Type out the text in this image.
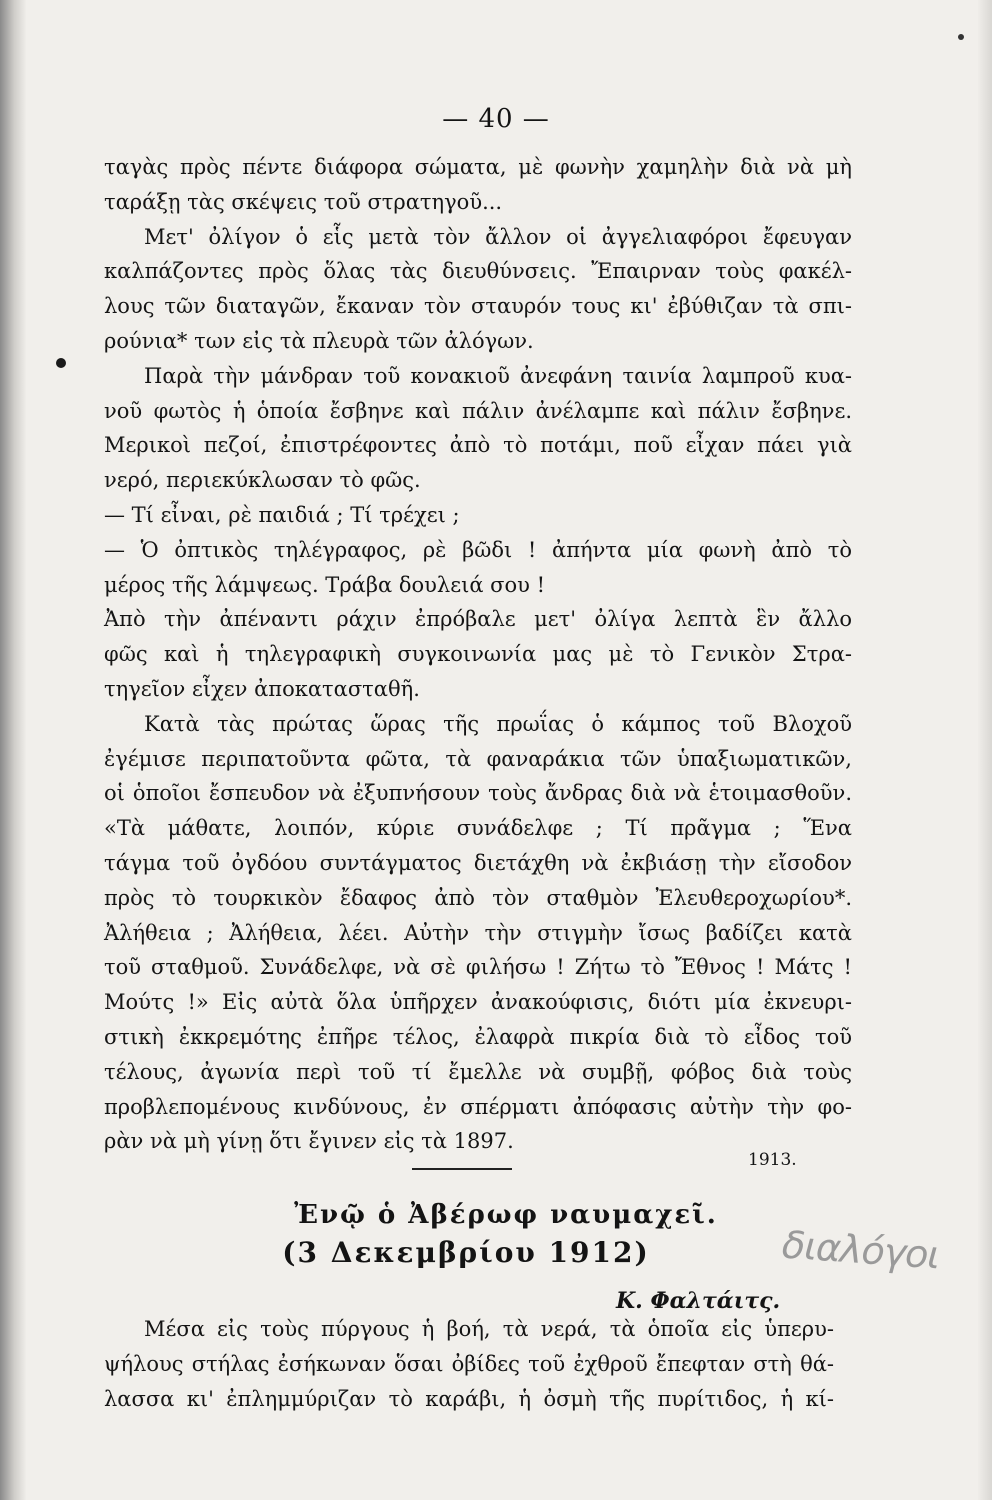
— 40 —
ταγὰς πρὸς πέντε διάφορα σώματα, μὲ φωνὴν χαμηλὴν διὰ νὰ μὴ
ταράξῃ τὰς σκέψεις τοῦ στρατηγοῦ...
Μετ' ὀλίγον ὁ εἷς μετὰ τὸν ἄλλον οἱ ἀγγελιαφόροι ἔφευγαν
καλπάζοντες πρὸς ὅλας τὰς διευθύνσεις. Ἔπαιρναν τοὺς φακέλ-
λους τῶν διαταγῶν, ἔκαναν τὸν σταυρόν τους κι' ἐβύθιζαν τὰ σπι-
ρούνια* των εἰς τὰ πλευρὰ τῶν ἀλόγων.
Παρὰ τὴν μάνδραν τοῦ κονακιοῦ ἀνεφάνη ταινία λαμπροῦ κυα-
νοῦ φωτὸς ἡ ὁποία ἔσβηνε καὶ πάλιν ἀνέλαμπε καὶ πάλιν ἔσβηνε.
Μερικοὶ πεζοί, ἐπιστρέφοντες ἀπὸ τὸ ποτάμι, ποῦ εἶχαν πάει γιὰ
νερό, περιεκύκλωσαν τὸ φῶς.
— Τί εἶναι, ρὲ παιδιά ; Τί τρέχει ;
— Ὁ ὀπτικὸς τηλέγραφος, ρὲ βῶδι ! ἀπήντα μία φωνὴ ἀπὸ τὸ
μέρος τῆς λάμψεως. Τράβα δουλειά σου !
Ἀπὸ τὴν ἀπέναντι ράχιν ἐπρόβαλε μετ' ὀλίγα λεπτὰ ἓν ἄλλο
φῶς καὶ ἡ τηλεγραφικὴ συγκοινωνία μας μὲ τὸ Γενικὸν Στρα-
τηγεῖον εἶχεν ἀποκατασταθῆ.
Κατὰ τὰς πρώτας ὥρας τῆς πρωΐας ὁ κάμπος τοῦ Βλοχοῦ
ἐγέμισε περιπατοῦντα φῶτα, τὰ φαναράκια τῶν ὑπαξιωματικῶν,
οἱ ὁποῖοι ἔσπευδον νὰ ἐξυπνήσουν τοὺς ἄνδρας διὰ νὰ ἑτοιμασθοῦν.
«Τὰ μάθατε, λοιπόν, κύριε συνάδελφε ; Τί πρᾶγμα ; Ἕνα
τάγμα τοῦ ὀγδόου συντάγματος διετάχθη νὰ ἐκβιάσῃ τὴν εἴσοδον
πρὸς τὸ τουρκικὸν ἔδαφος ἀπὸ τὸν σταθμὸν Ἐλευθεροχωρίου*.
Ἀλήθεια ; Ἀλήθεια, λέει. Αὐτὴν τὴν στιγμὴν ἴσως βαδίζει κατὰ
τοῦ σταθμοῦ. Συνάδελφε, νὰ σὲ φιλήσω ! Ζήτω τὸ Ἔθνος ! Μάτς !
Μούτς !» Εἰς αὐτὰ ὅλα ὑπῆρχεν ἀνακούφισις, διότι μία ἐκνευρι-
στικὴ ἐκκρεμότης ἐπῆρε τέλος, ἐλαφρὰ πικρία διὰ τὸ εἶδος τοῦ
τέλους, ἀγωνία περὶ τοῦ τί ἔμελλε νὰ συμβῇ, φόβος διὰ τοὺς
προβλεπομένους κινδύνους, ἐν σπέρματι ἀπόφασις αὐτὴν τὴν φο-
ρὰν νὰ μὴ γίνῃ ὅτι ἔγινεν εἰς τὰ 1897.
1913.
Ἐνῷ ὁ Ἀβέρωφ ναυμαχεῖ.
(3 Δεκεμβρίου 1912)	διαλόγοι
Κ. Φαλτάιτς.
Μέσα εἰς τοὺς πύργους ἡ βοή, τὰ νερά, τὰ ὁποῖα εἰς ὑπερυ-
ψήλους στήλας ἐσήκωναν ὅσαι ὀβίδες τοῦ ἐχθροῦ ἔπεφταν στὴ θά-
λασσα κι' ἐπλημμύριζαν τὸ καράβι, ἡ ὀσμὴ τῆς πυρίτιδος, ἡ κί-
